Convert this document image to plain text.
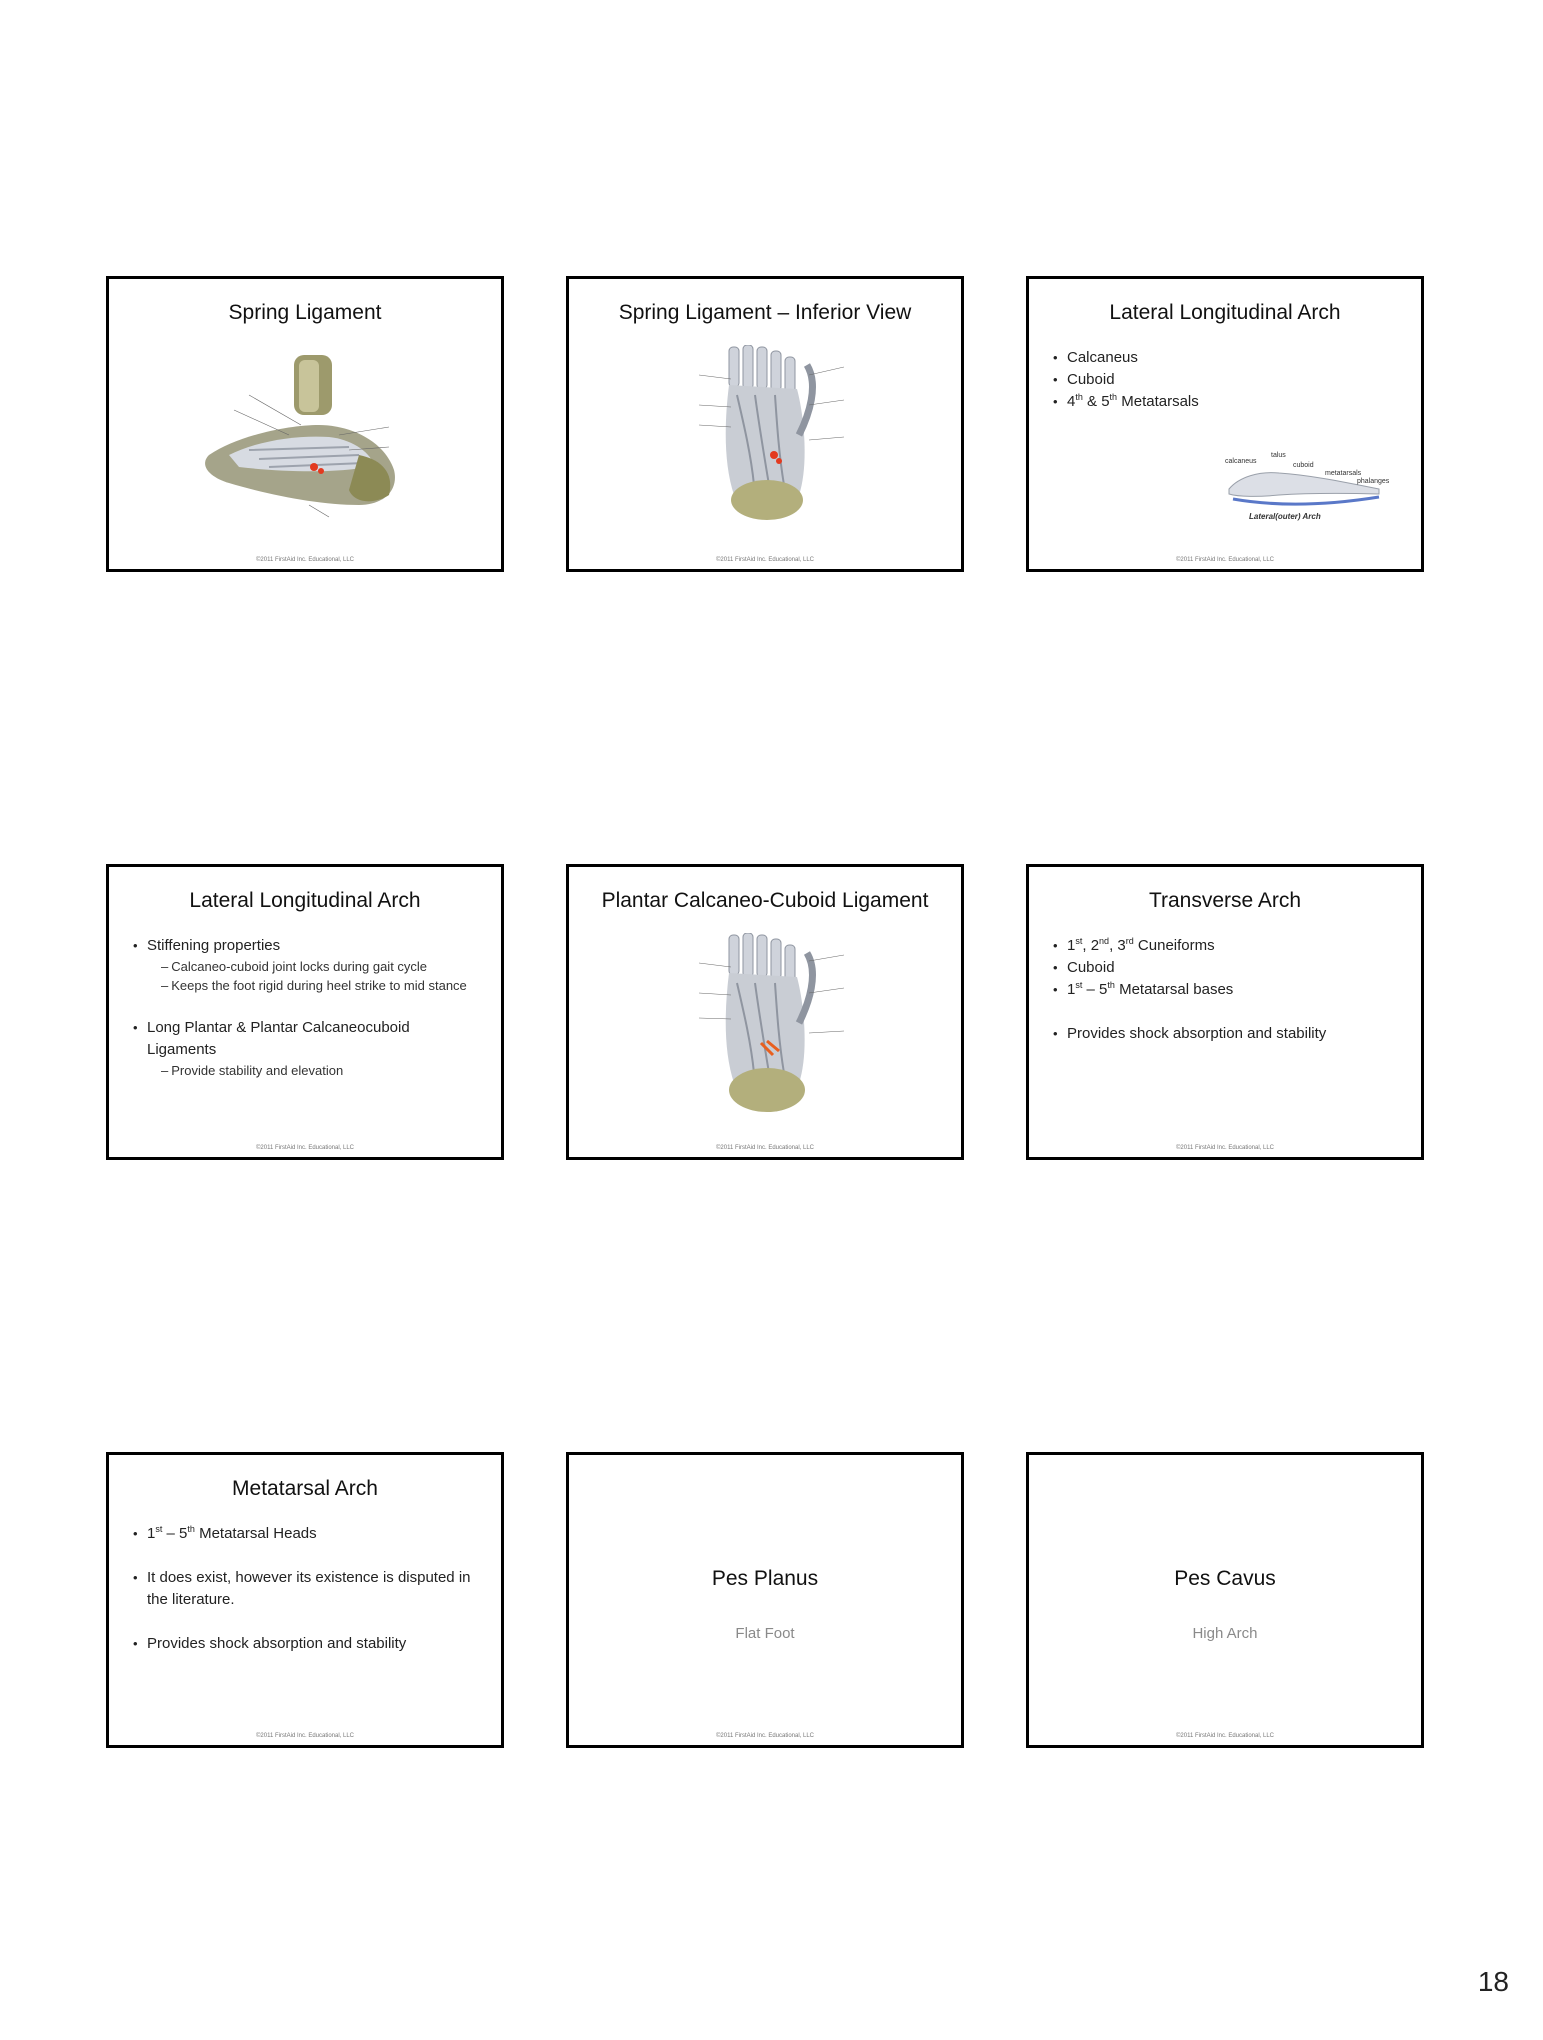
Spring Ligament
©2011 FirstAid Inc. Educational, LLC
Spring Ligament – Inferior View
©2011 FirstAid Inc. Educational, LLC
Lateral Longitudinal Arch
• Calcaneus
• Cuboid
• 4th & 5th Metatarsals
calcaneus
talus
cuboid
metatarsals
phalanges
Lateral(outer) Arch
©2011 FirstAid Inc. Educational, LLC
Lateral Longitudinal Arch
• Stiffening properties
– Calcaneo-cuboid joint locks during gait cycle
– Keeps the foot rigid during heel strike to mid stance
• Long Plantar & Plantar Calcaneocuboid Ligaments
– Provide stability and elevation
©2011 FirstAid Inc. Educational, LLC
Plantar Calcaneo-Cuboid Ligament
©2011 FirstAid Inc. Educational, LLC
Transverse Arch
• 1st, 2nd, 3rd Cuneiforms
• Cuboid
• 1st – 5th Metatarsal bases
• Provides shock absorption and stability
©2011 FirstAid Inc. Educational, LLC
Metatarsal Arch
• 1st – 5th Metatarsal Heads
• It does exist, however its existence is disputed in the literature.
• Provides shock absorption and stability
©2011 FirstAid Inc. Educational, LLC
Pes Planus
Flat Foot
©2011 FirstAid Inc. Educational, LLC
Pes Cavus
High Arch
©2011 FirstAid Inc. Educational, LLC
18
